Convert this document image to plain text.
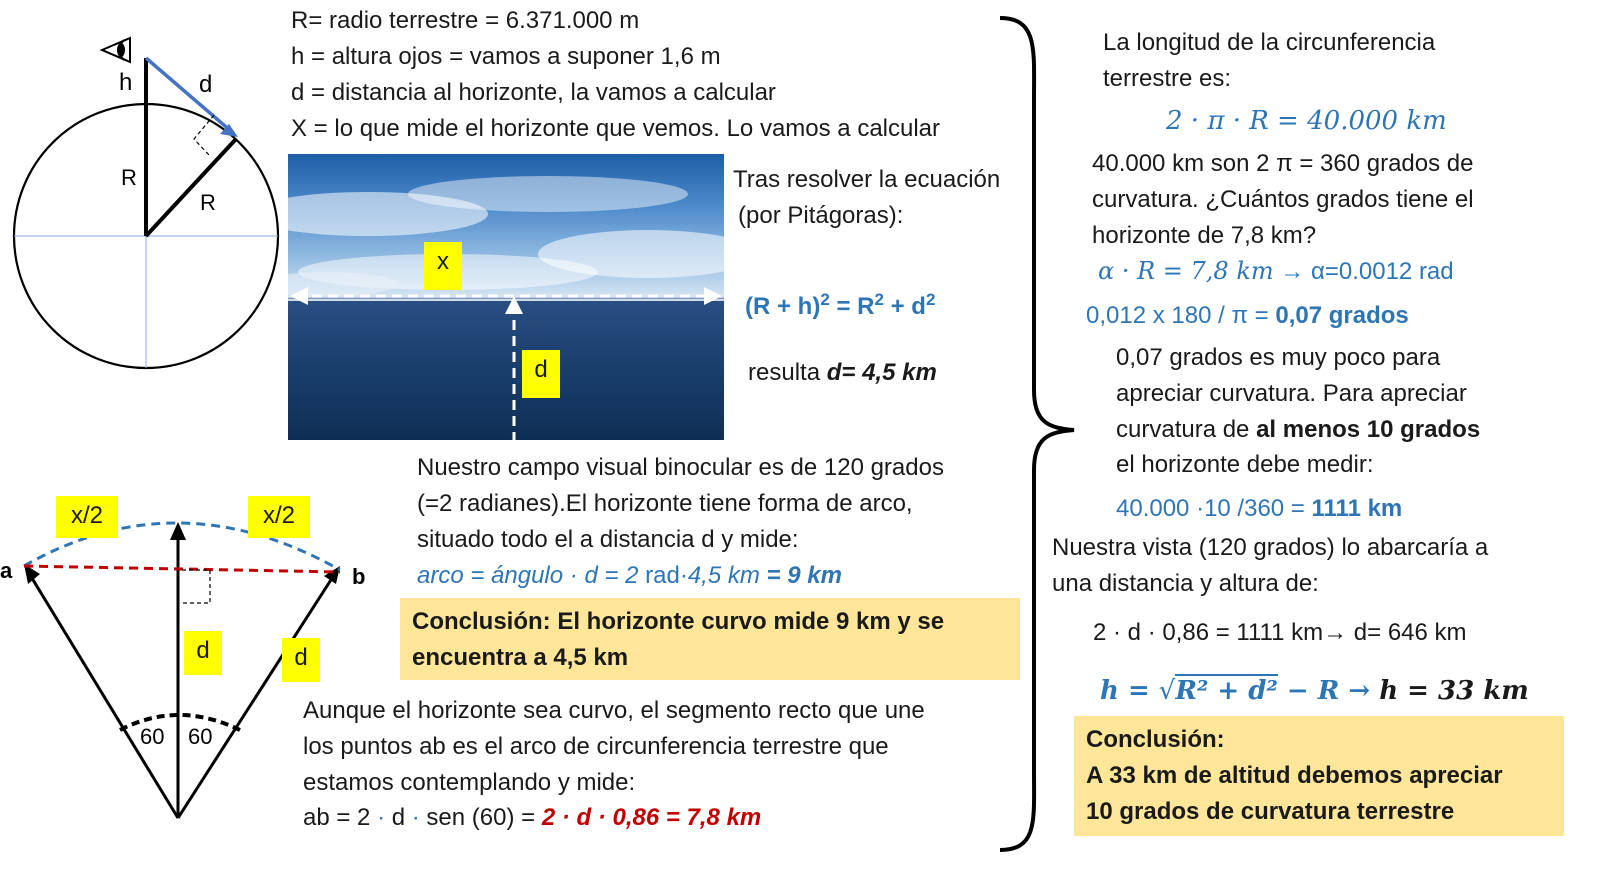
h	d
R
R
R= radio terrestre = 6.371.000 m
h = altura ojos = vamos a suponer 1,6 m
d = distancia al horizonte, la vamos a calcular
X = lo que mide el horizonte que vemos. Lo vamos a calcular
x
d
Tras resolver la ecuación
(por Pitágoras):
$(R + h)^2 = R^2 + d^2$
resulta d= 4,5 km
a	b
60 60
x/2	x/2
d	d
Nuestro campo visual binocular es de 120 grados
(=2 radianes).El horizonte tiene forma de arco,
situado todo el a distancia d y mide:
arco = ángulo · d = 2 rad·4,5 km = 9 km
Conclusión: El horizonte curvo mide 9 km y se
encuentra a 4,5 km
Aunque el horizonte sea curvo, el segmento recto que une
los puntos ab es el arco de circunferencia terrestre que
estamos contemplando y mide:
ab = 2 · d · sen (60) = 2 · d · 0,86 = 7,8 km
La longitud de la circunferencia
terrestre es:
2 · π · R = 40.000 km
40.000 km son 2 π = 360 grados de
curvatura. ¿Cuántos grados tiene el
horizonte de 7,8 km?
α · R = 7,8 km → α=0.0012 rad
0,012 x 180 / π = 0,07 grados
0,07 grados es muy poco para
apreciar curvatura. Para apreciar
curvatura de al menos 10 grados
el horizonte debe medir:
40.000 ·10 /360 = 1111 km
Nuestra vista (120 grados) lo abarcaría a
una distancia y altura de:
2 · d · 0,86 = 1111 km→ d= 646 km
h = √R² + d² − R → h = 33 km
Conclusión:
A 33 km de altitud debemos apreciar
10 grados de curvatura terrestre
